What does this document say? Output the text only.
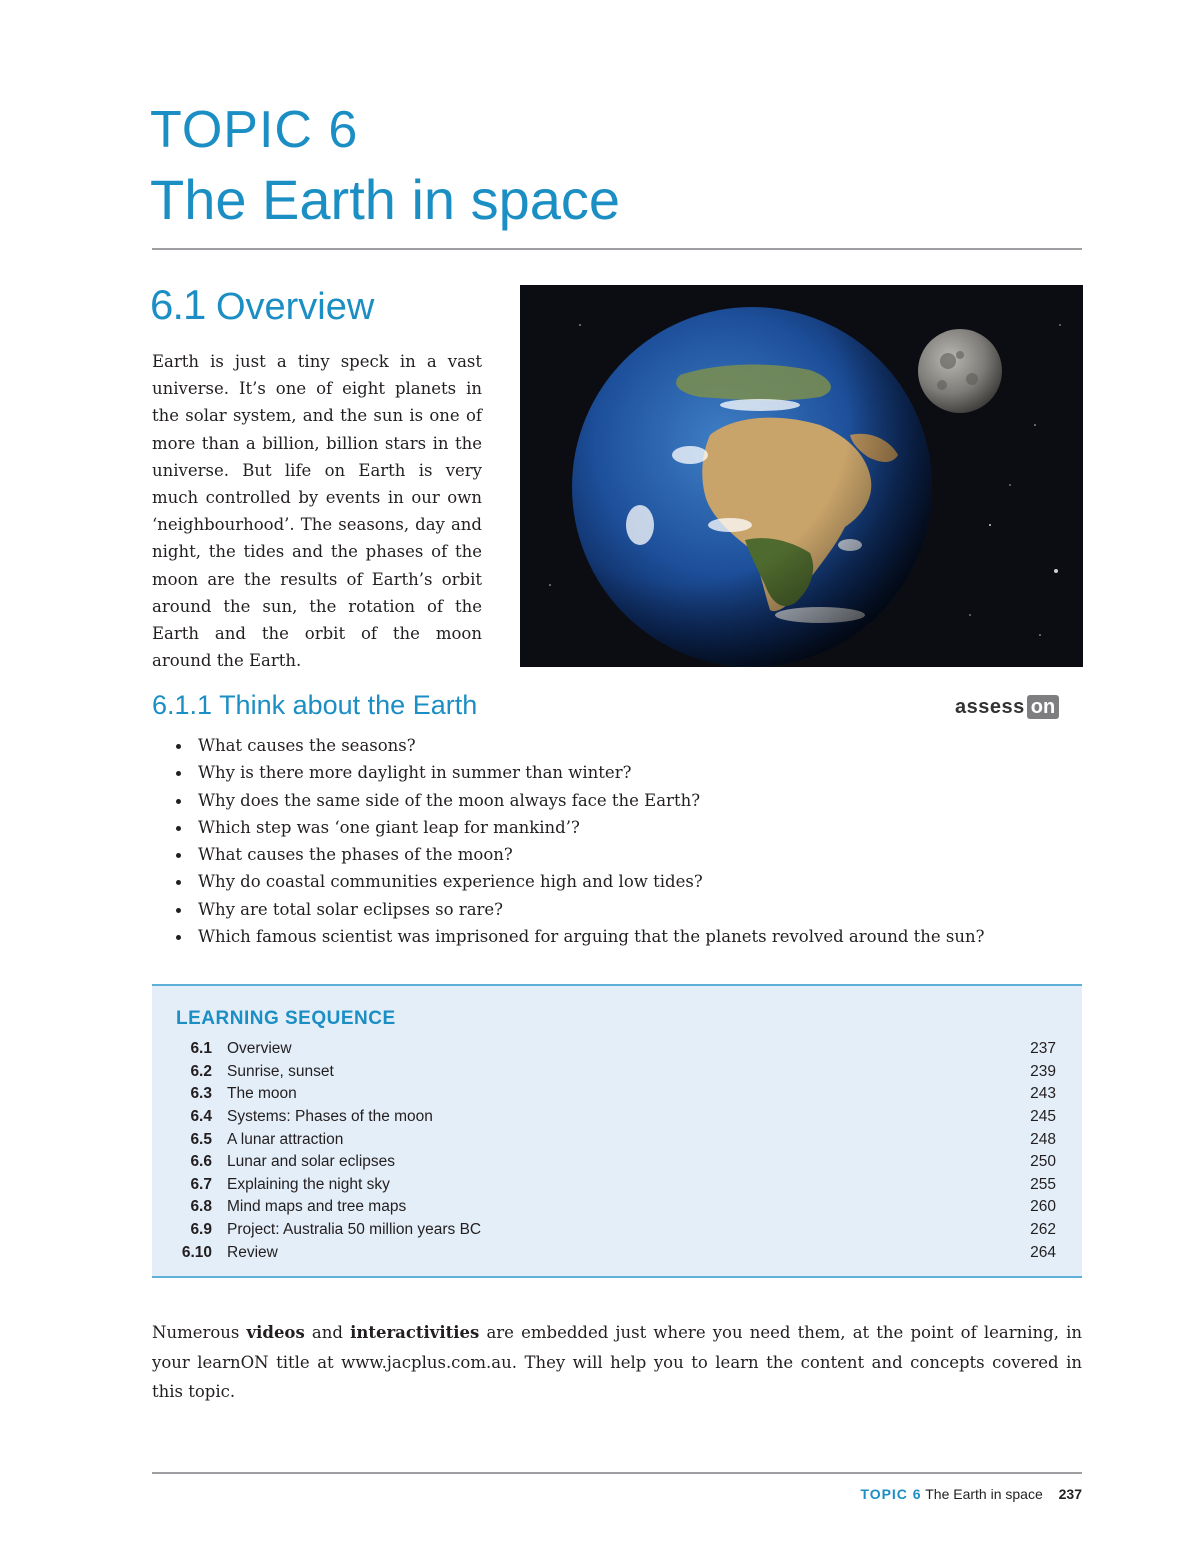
TOPIC 6
The Earth in space
6.1 Overview

Earth is just a tiny speck in a vast universe. It’s one of eight planets in the solar system, and the sun is one of more than a billion, billion stars in the universe. But life on Earth is very much controlled by events in our own ‘neighbourhood’. The seasons, day and night, the tides and the phases of the moon are the results of Earth’s orbit around the sun, the rotation of the Earth and the orbit of the moon around the Earth.

6.1.1 Think about the Earth	assess on
What causes the seasons?
Why is there more daylight in summer than winter?
Why does the same side of the moon always face the Earth?
Which step was ‘one giant leap for mankind’?
What causes the phases of the moon?
Why do coastal communities experience high and low tides?
Why are total solar eclipses so rare?
Which famous scientist was imprisoned for arguing that the planets revolved around the sun?
LEARNING SEQUENCE
6.1 Overview	237
6.2 Sunrise, sunset	239
6.3 The moon	243
6.4 Systems: Phases of the moon	245
6.5 A lunar attraction	248
6.6 Lunar and solar eclipses	250
6.7 Explaining the night sky	255
6.8 Mind maps and tree maps	260
6.9 Project: Australia 50 million years BC	262
6.10 Review	264

Numerous videos and interactivities are embedded just where you need them, at the point of learning, in your learnON title at www.jacplus.com.au. They will help you to learn the content and concepts covered in this topic.

TOPIC 6 The Earth in space 237
